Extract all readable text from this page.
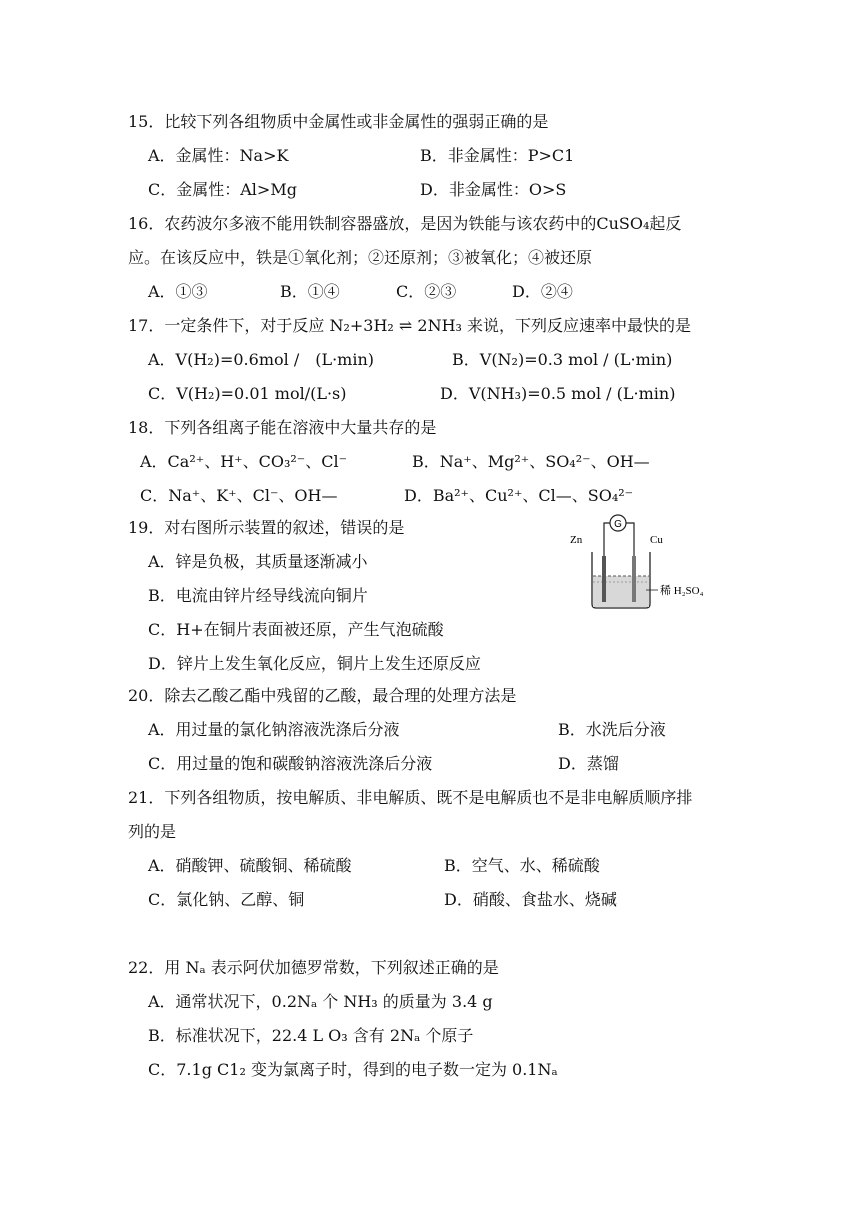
15．比较下列各组物质中金属性或非金属性的强弱正确的是
A．金属性：Na>K	B．非金属性：P>C1
C．金属性：Al>Mg	D．非金属性：O>S
16．农药波尔多液不能用铁制容器盛放，是因为铁能与该农药中的CuSO₄起反
应。在该反应中，铁是①氧化剂；②还原剂；③被氧化；④被还原
A．①③	B．①④	C．②③	D．②④
17．一定条件下，对于反应 N₂+3H₂ ⇌ 2NH₃ 来说，下列反应速率中最快的是
A．V(H₂)=0.6mol /　(L·min)	B．V(N₂)=0.3 mol / (L·min)
C．V(H₂)=0.01 mol/(L·s)	D．V(NH₃)=0.5 mol / (L·min)
18．下列各组离子能在溶液中大量共存的是
A．Ca²⁺、H⁺、CO₃²⁻、Cl⁻	B．Na⁺、Mg²⁺、SO₄²⁻、OH—
C．Na⁺、K⁺、Cl⁻、OH—	D．Ba²⁺、Cu²⁺、Cl—、SO₄²⁻
19．对右图所示装置的叙述，错误的是
A．锌是负极，其质量逐渐减小
B．电流由锌片经导线流向铜片
C．H+在铜片表面被还原，产生气泡硫酸
D．锌片上发生氧化反应，铜片上发生还原反应
G
Zn	Cu
稀 H₂SO₄
20．除去乙酸乙酯中残留的乙酸，最合理的处理方法是
A．用过量的氯化钠溶液洗涤后分液	B．水洗后分液
C．用过量的饱和碳酸钠溶液洗涤后分液	D．蒸馏
21．下列各组物质，按电解质、非电解质、既不是电解质也不是非电解质顺序排
列的是
A．硝酸钾、硫酸铜、稀硫酸	B．空气、水、稀硫酸
C．氯化钠、乙醇、铜	D．硝酸、食盐水、烧碱
22．用 Nₐ 表示阿伏加德罗常数，下列叙述正确的是
A．通常状况下，0.2Nₐ 个 NH₃ 的质量为 3.4 g
B．标准状况下，22.4 L O₃ 含有 2Nₐ 个原子
C．7.1g C1₂ 变为氯离子时，得到的电子数一定为 0.1Nₐ
